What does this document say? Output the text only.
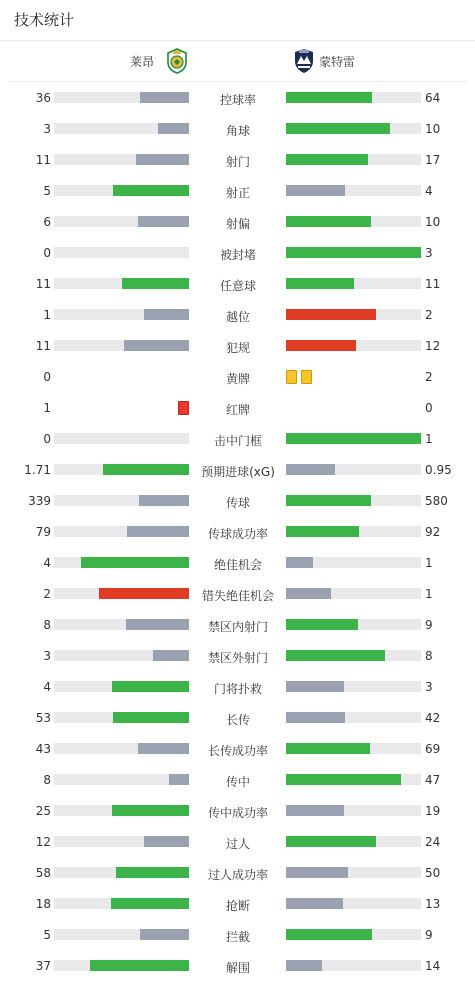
技术统计
莱昂	蒙特雷
36	控球率	64
3	角球	10
11	射门	17
5	射正	4
6	射偏	10
0	被封堵	3
11	任意球	11
1	越位	2
11	犯规	12
0	黄牌	2
1	红牌	0
0	击中门框	1
1.71	预期进球(xG)	0.95
339	传球	580
79	传球成功率	92
4	绝佳机会	1
2	错失绝佳机会	1
8	禁区内射门	9
3	禁区外射门	8
4	门将扑救	3
53	长传	42
43	长传成功率	69
8	传中	47
25	传中成功率	19
12	过人	24
58	过人成功率	50
18	抢断	13
5	拦截	9
37	解围	14
